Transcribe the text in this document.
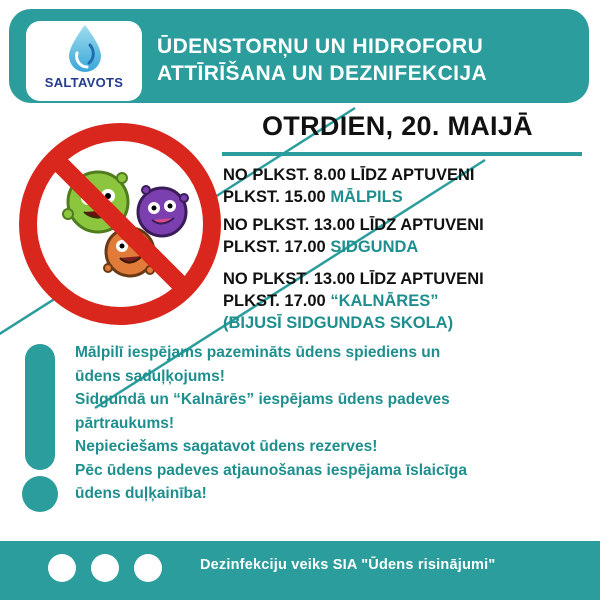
SALTAVOTS
ŪDENSTORŅU UN HIDROFORU
ATTĪRĪŠANA UN DEZNIFEKCIJA
OTRDIEN, 20. MAIJĀ
NO PLKST. 8.00 LĪDZ APTUVENI
PLKST. 15.00 MĀLPILS
NO PLKST. 13.00 LĪDZ APTUVENI
PLKST. 17.00 SIDGUNDA
NO PLKST. 13.00 LĪDZ APTUVENI
PLKST. 17.00 “KALNĀRES”
(BIJUSĪ SIDGUNDAS SKOLA)
Mālpilī iespējams pazemināts ūdens spiediens un
ūdens saduļķojums!
Sidgundā un “Kalnārēs” iespējams ūdens padeves
pārtraukums!
Nepieciešams sagatavot ūdens rezerves!
Pēc ūdens padeves atjaunošanas iespējama īslaicīga
ūdens duļķainība!
Dezinfekciju veiks SIA "Ūdens risinājumi"
